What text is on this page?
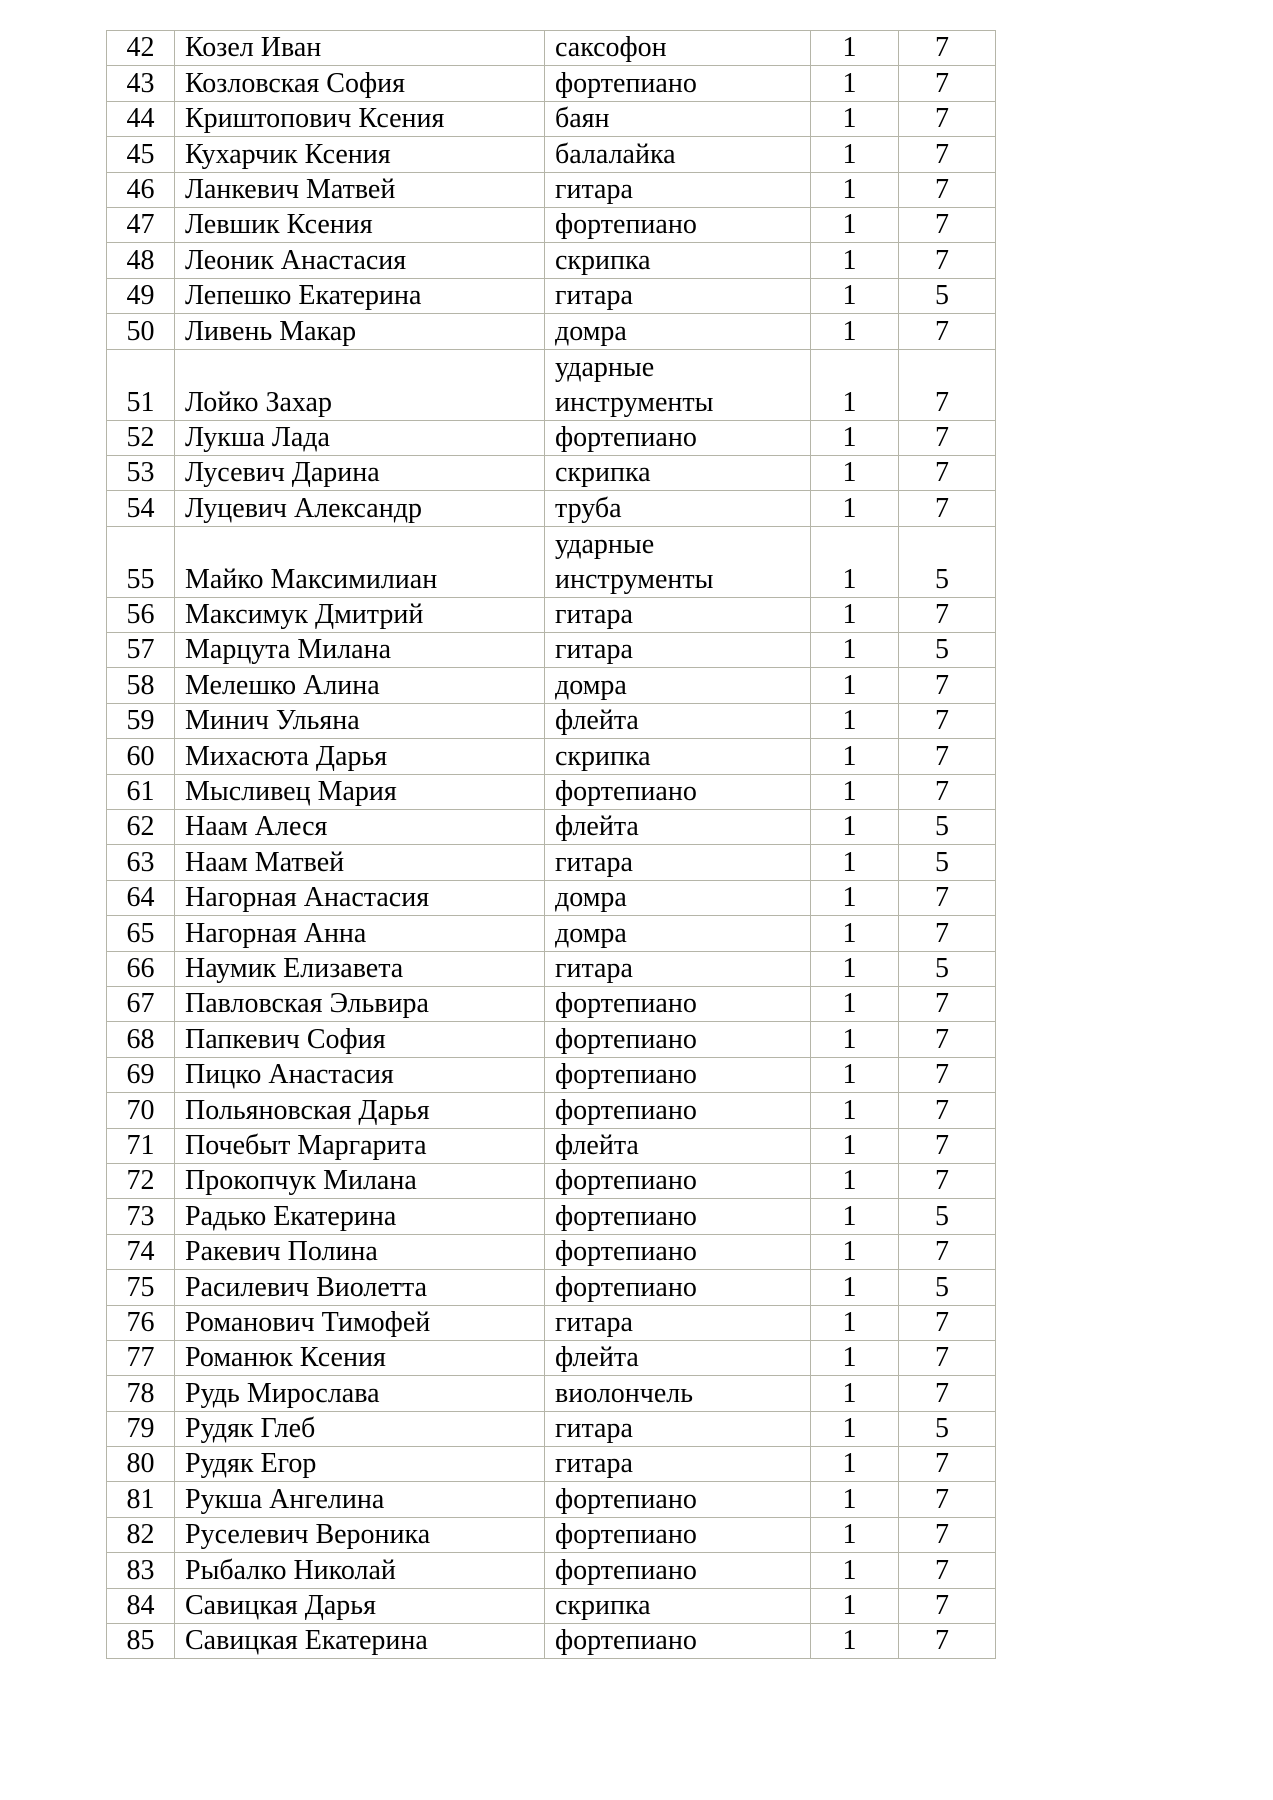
42	Козел Иван	саксофон	1	7
43	Козловская София	фортепиано	1	7
44	Криштопович Ксения	баян	1	7
45	Кухарчик Ксения	балалайка	1	7
46	Ланкевич Матвей	гитара	1	7
47	Левшик Ксения	фортепиано	1	7
48	Леоник Анастасия	скрипка	1	7
49	Лепешко Екатерина	гитара	1	5
50	Ливень Макар	домра	1	7
51	Лойко Захар	ударные инструменты	1	7
52	Лукша Лада	фортепиано	1	7
53	Лусевич Дарина	скрипка	1	7
54	Луцевич Александр	труба	1	7
55	Майко Максимилиан	ударные инструменты	1	5
56	Максимук Дмитрий	гитара	1	7
57	Марцута Милана	гитара	1	5
58	Мелешко Алина	домра	1	7
59	Минич Ульяна	флейта	1	7
60	Михасюта Дарья	скрипка	1	7
61	Мысливец Мария	фортепиано	1	7
62	Наам Алеся	флейта	1	5
63	Наам Матвей	гитара	1	5
64	Нагорная Анастасия	домра	1	7
65	Нагорная Анна	домра	1	7
66	Наумик Елизавета	гитара	1	5
67	Павловская Эльвира	фортепиано	1	7
68	Папкевич София	фортепиано	1	7
69	Пицко Анастасия	фортепиано	1	7
70	Польяновская Дарья	фортепиано	1	7
71	Почебыт Маргарита	флейта	1	7
72	Прокопчук Милана	фортепиано	1	7
73	Радько Екатерина	фортепиано	1	5
74	Ракевич Полина	фортепиано	1	7
75	Расилевич Виолетта	фортепиано	1	5
76	Романович Тимофей	гитара	1	7
77	Романюк Ксения	флейта	1	7
78	Рудь Мирослава	виолончель	1	7
79	Рудяк Глеб	гитара	1	5
80	Рудяк Егор	гитара	1	7
81	Рукша Ангелина	фортепиано	1	7
82	Руселевич Вероника	фортепиано	1	7
83	Рыбалко Николай	фортепиано	1	7
84	Савицкая Дарья	скрипка	1	7
85	Савицкая Екатерина	фортепиано	1	7
